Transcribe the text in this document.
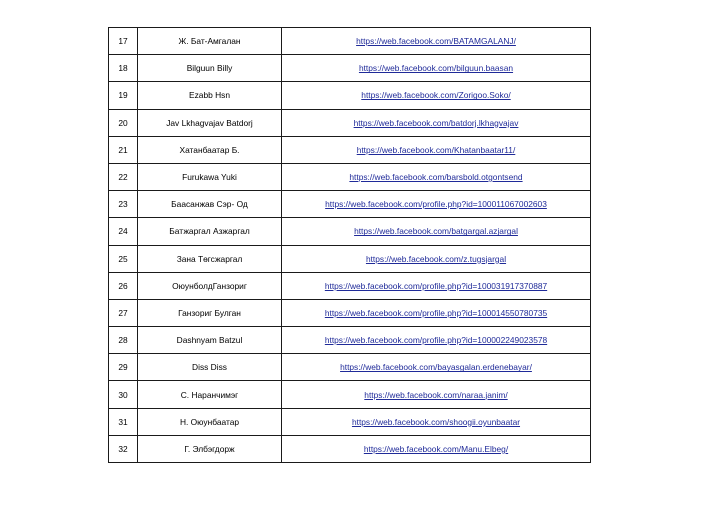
17	Ж. Бат-Амгалан	https://web.facebook.com/BATAMGALANJ/
18	Bilguun Billy	https://web.facebook.com/bilguun.baasan
19	Ezabb Hsn	https://web.facebook.com/Zorigoo.Soko/
20	Jav Lkhagvajav Batdorj	https://web.facebook.com/batdorj.lkhagvajav
21	Хатанбаатар Б.	https://web.facebook.com/Khatanbaatar11/
22	Furukawa Yuki	https://web.facebook.com/barsbold.otgontsend
23	Баасанжав Сэр- Од	https://web.facebook.com/profile.php?id=100011067002603
24	Батжаргал Азжаргал	https://web.facebook.com/batgargal.azjargal
25	Зана Төгсжаргал	https://web.facebook.com/z.tugsjargal
26	ОюунболдГанзориг	https://web.facebook.com/profile.php?id=100031917370887
27	Ганзориг Булган	https://web.facebook.com/profile.php?id=100014550780735
28	Dashnyam Batzul	https://web.facebook.com/profile.php?id=100002249023578
29	Diss Diss	https://web.facebook.com/bayasgalan.erdenebayar/
30	С. Наранчимэг	https://web.facebook.com/naraa.janim/
31	Н. Оюунбаатар	https://web.facebook.com/shoogii.oyunbaatar
32	Г. Элбэгдорж	https://web.facebook.com/Manu.Elbeg/
